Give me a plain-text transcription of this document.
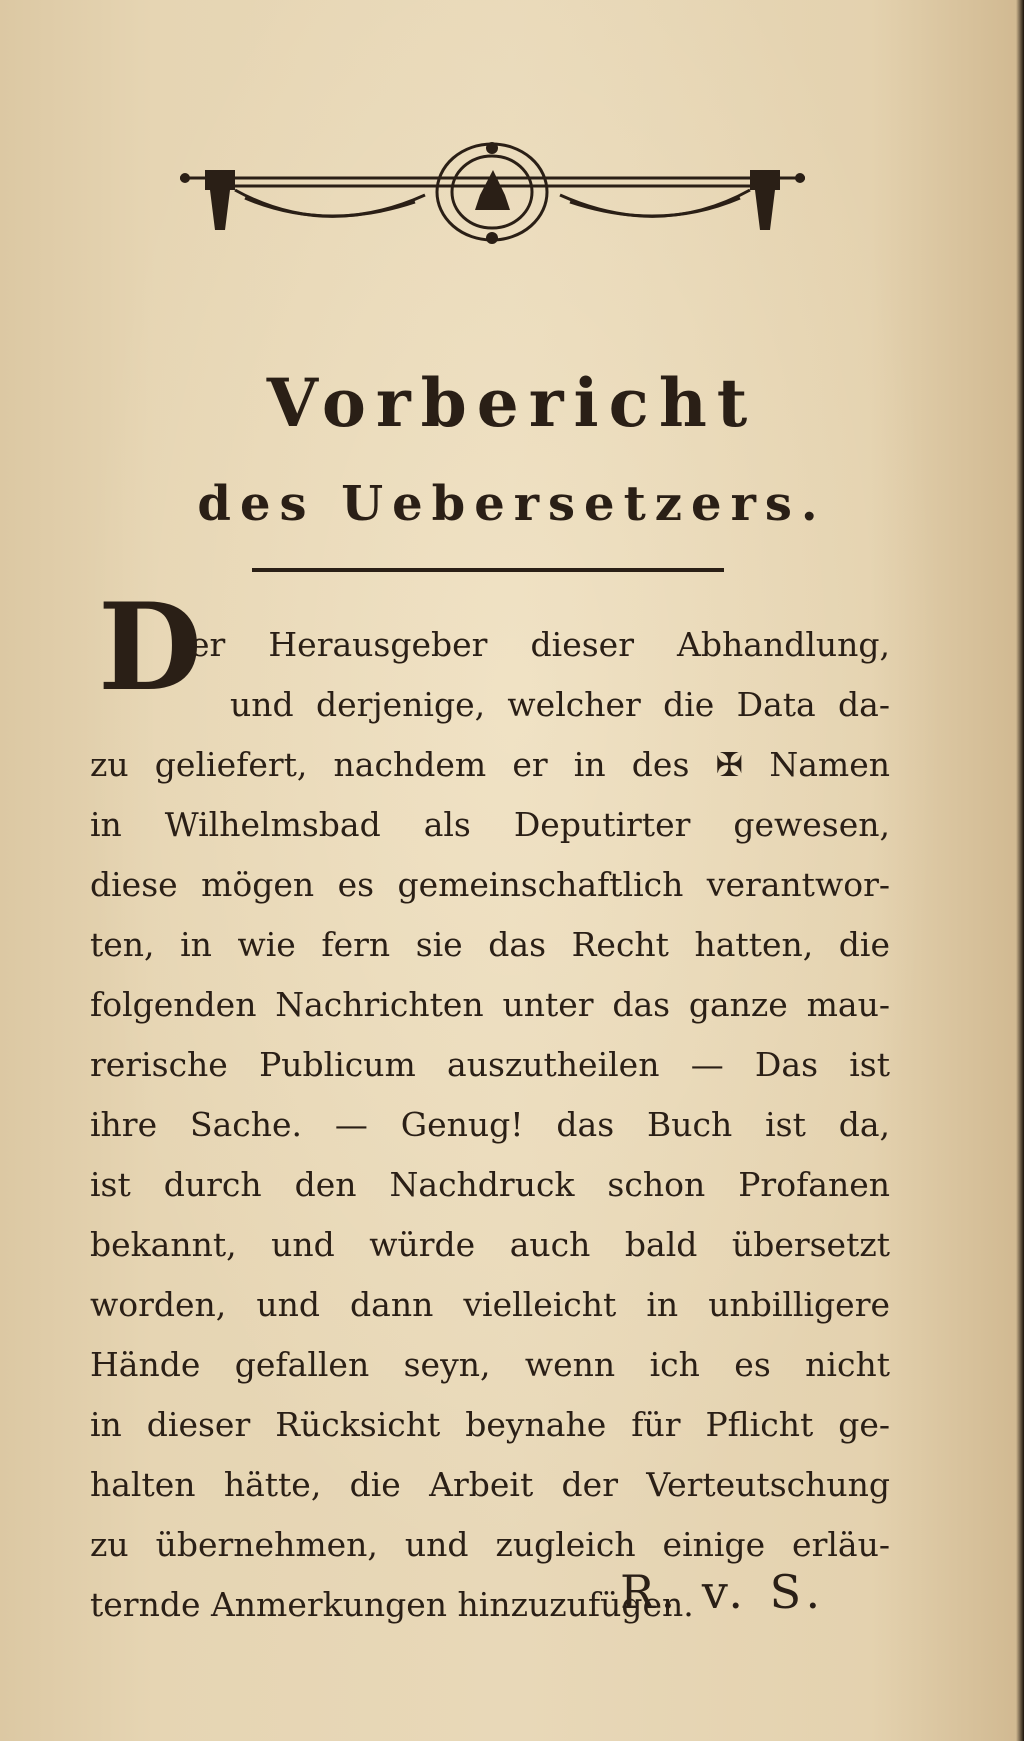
Vorbericht
des Uebersetzers.
D
er Herausgeber dieser Abhandlung,
und derjenige, welcher die Data da-
zu geliefert, nachdem er in des ✠ Namen
in Wilhelmsbad als Deputirter gewesen,
diese mögen es gemeinschaftlich verantwor-
ten, in wie fern sie das Recht hatten, die
folgenden Nachrichten unter das ganze mau-
rerische Publicum auszutheilen — Das ist
ihre Sache. — Genug! das Buch ist da,
ist durch den Nachdruck schon Profanen
bekannt, und würde auch bald übersetzt
worden, und dann vielleicht in unbilligere
Hände gefallen seyn, wenn ich es nicht
in dieser Rücksicht beynahe für Pflicht ge-
halten hätte, die Arbeit der Verteutschung
zu übernehmen, und zugleich einige erläu-
ternde Anmerkungen hinzuzufügen.
R. v. S.
